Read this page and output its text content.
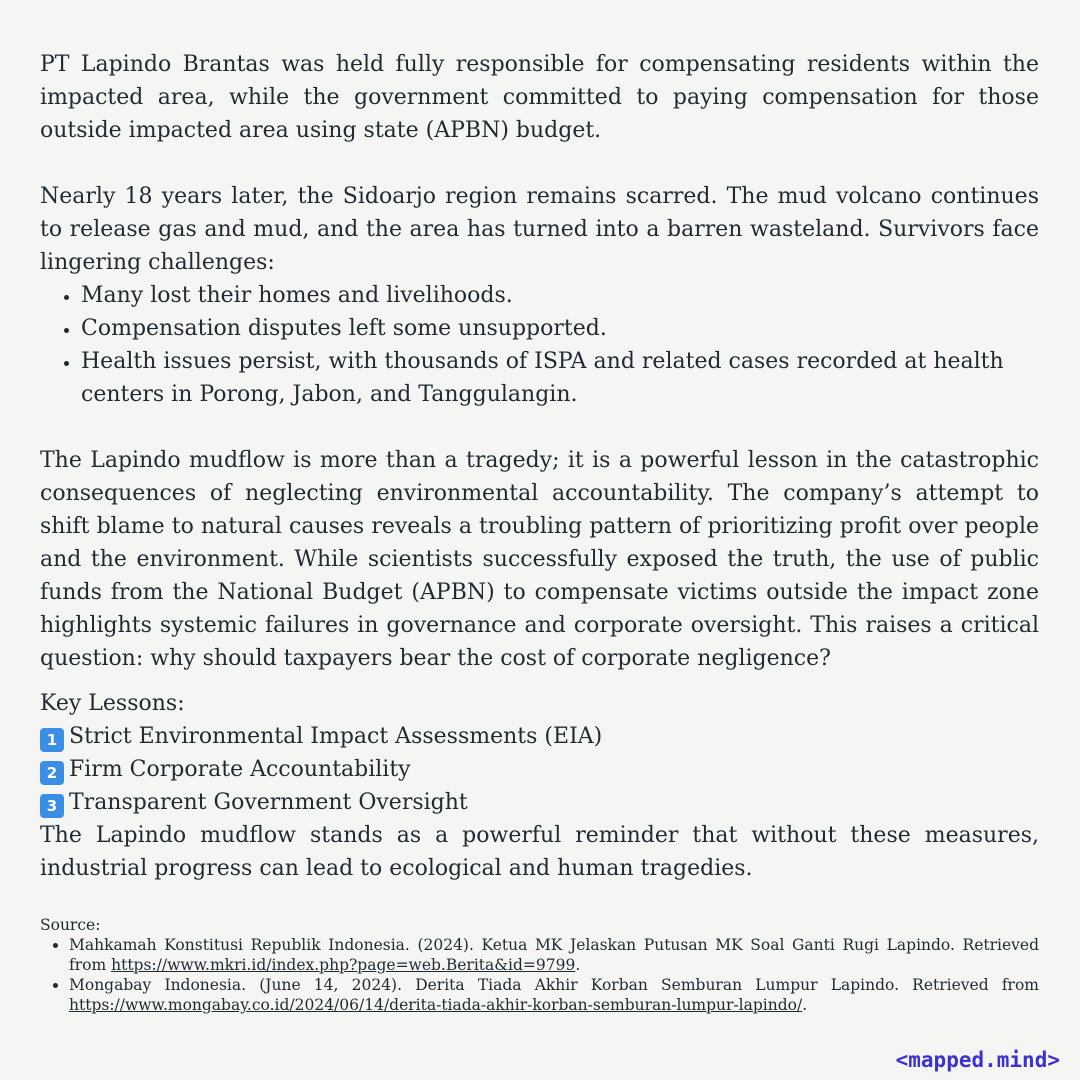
PT Lapindo Brantas was held fully responsible for compensating residents within the impacted area, while the government committed to paying compensation for those outside impacted area using state (APBN) budget.

Nearly 18 years later, the Sidoarjo region remains scarred. The mud volcano continues to release gas and mud, and the area has turned into a barren wasteland. Survivors face lingering challenges:

• Many lost their homes and livelihoods.
• Compensation disputes left some unsupported.
• Health issues persist, with thousands of ISPA and related cases recorded at health centers in Porong, Jabon, and Tanggulangin.

The Lapindo mudflow is more than a tragedy; it is a powerful lesson in the catastrophic consequences of neglecting environmental accountability. The company’s attempt to shift blame to natural causes reveals a troubling pattern of prioritizing profit over people and the environment. While scientists successfully exposed the truth, the use of public funds from the National Budget (APBN) to compensate victims outside the impact zone highlights systemic failures in governance and corporate oversight. This raises a critical question: why should taxpayers bear the cost of corporate negligence?

Key Lessons:
1 Strict Environmental Impact Assessments (EIA)
2 Firm Corporate Accountability
3 Transparent Government Oversight

The Lapindo mudflow stands as a powerful reminder that without these measures, industrial progress can lead to ecological and human tragedies.

Source:
• Mahkamah Konstitusi Republik Indonesia. (2024). Ketua MK Jelaskan Putusan MK Soal Ganti Rugi Lapindo. Retrieved from https://www.mkri.id/index.php?page=web.Berita&id=9799.
• Mongabay Indonesia. (June 14, 2024). Derita Tiada Akhir Korban Semburan Lumpur Lapindo. Retrieved from https://www.mongabay.co.id/2024/06/14/derita-tiada-akhir-korban-semburan-lumpur-lapindo/.
<mapped.mind>
